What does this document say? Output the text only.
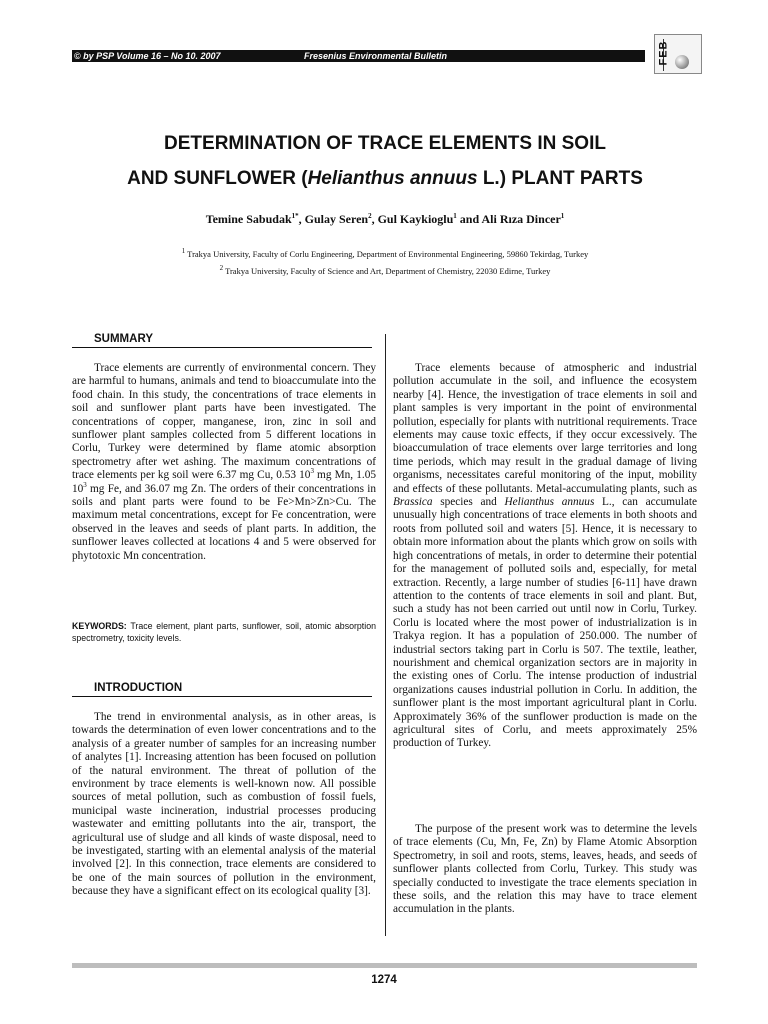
© by PSP Volume 16 – No 10. 2007	Fresenius Environmental Bulletin	FEB
DETERMINATION OF TRACE ELEMENTS IN SOIL
AND SUNFLOWER (Helianthus annuus L.) PLANT PARTS
Temine Sabudak$^{1*}$, Gulay Seren$^2$, Gul Kaykioglu$^1$ and Ali Rıza Dincer$^1$
$^1$ Trakya University, Faculty of Corlu Engineering, Department of Environmental Engineering, 59860 Tekirdag, Turkey
$^2$ Trakya University, Faculty of Science and Art, Department of Chemistry, 22030 Edirne, Turkey
SUMMARY

Trace elements are currently of environmental concern. They are harmful to humans, animals and tend to bioaccumulate into the food chain. In this study, the concentrations of trace elements in soil and sunflower plant parts have been investigated. The concentrations of copper, manganese, iron, zinc in soil and sunflower plant samples collected from 5 different locations in Corlu, Turkey were determined by flame atomic absorption spectrometry after wet ashing. The maximum concentrations of trace elements per kg soil were 6.37 mg Cu, 0.53 $10^3$ mg Mn, 1.05 $10^3$ mg Fe, and 36.07 mg Zn. The orders of their concentrations in soils and plant parts were found to be Fe>Mn>Zn>Cu. The maximum metal concentrations, except for Fe concentration, were observed in the leaves and seeds of plant parts. In addition, the sunflower leaves collected at locations 4 and 5 were observed for phytotoxic Mn concentration.

KEYWORDS: Trace element, plant parts, sunflower, soil, atomic absorption spectrometry, toxicity levels.
INTRODUCTION

The trend in environmental analysis, as in other areas, is towards the determination of even lower concentrations and to the analysis of a greater number of samples for an increasing number of analytes [1]. Increasing attention has been focused on pollution of the natural environment. The threat of pollution of the environment by trace elements is well-known now. All possible sources of metal pollution, such as combustion of fossil fuels, municipal waste incineration, industrial processes producing wastewater and emitting pollutants into the air, transport, the agricultural use of sludge and all kinds of waste disposal, need to be investigated, starting with an elemental analysis of the material involved [2]. In this connection, trace elements are considered to be one of the main sources of pollution in the environment, because they have a significant effect on its ecological quality [3].

Trace elements because of atmospheric and industrial pollution accumulate in the soil, and influence the ecosystem nearby [4]. Hence, the investigation of trace elements in soil and plant samples is very important in the point of environmental pollution, especially for plants with nutritional requirements. Trace elements may cause toxic effects, if they occur excessively. The bioaccumulation of trace elements over large territories and long time periods, which may result in the gradual damage of living organisms, necessitates careful monitoring of the input, mobility and effects of these pollutants. Metal-accumulating plants, such as Brassica species and Helianthus annuus L., can accumulate unusually high concentrations of trace elements in both shoots and roots from polluted soil and waters [5]. Hence, it is necessary to obtain more information about the plants which grow on soils with high concentrations of metals, in order to determine their potential for the management of polluted soils and, especially, for metal extraction. Recently, a large number of studies [6-11] have drawn attention to the contents of trace elements in soil and plant. But, such a study has not been carried out until now in Corlu, Turkey. Corlu is located where the most power of industrialization is in Trakya region. It has a population of 250.000. The number of industrial sectors taking part in Corlu is 507. The textile, leather, nourishment and chemical organization sectors are in majority in the existing ones of Corlu. The intense production of industrial organizations causes industrial pollution in Corlu. In addition, the sunflower plant is the most important agricultural plant in Corlu. Approximately 36% of the sunflower production is made on the agricultural sites of Corlu, and meets approximately 25% production of Turkey.

The purpose of the present work was to determine the levels of trace elements (Cu, Mn, Fe, Zn) by Flame Atomic Absorption Spectrometry, in soil and roots, stems, leaves, heads, and seeds of sunflower plants collected from Corlu, Turkey. This study was specially conducted to investigate the trace elements speciation in these soils, and the relation this may have to trace element accumulation in the plants.

1274
